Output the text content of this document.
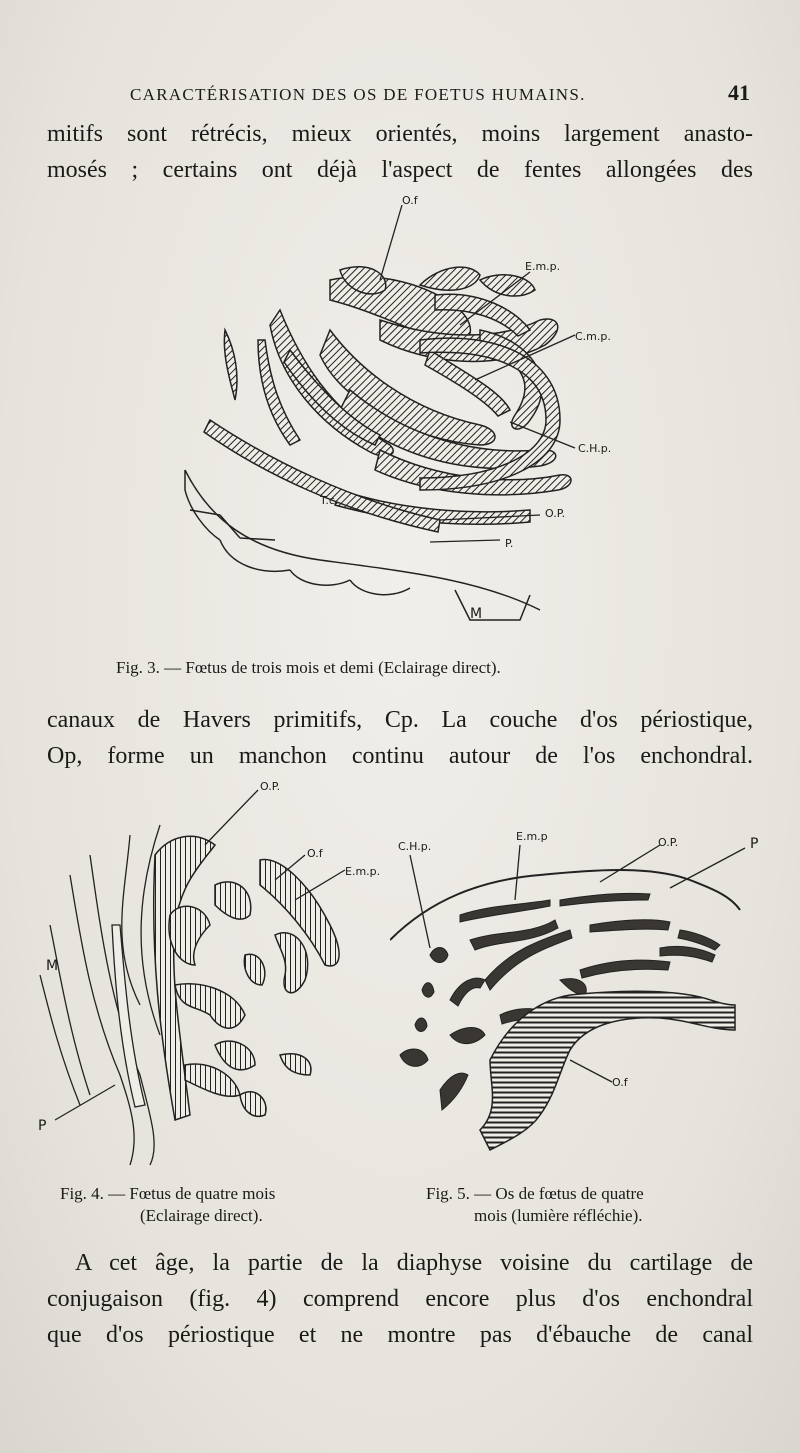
CARACTÉRISATION DES OS DE FOETUS HUMAINS.	41
mitifs sont rétrécis, mieux orientés, moins largement anasto-
mosés ; certains ont déjà l'aspect de fentes allongées des
O.f
E.m.p.
C.m.p.
C.H.p.
T.c.
O.P.
P.
M

Fig. 3. — Fœtus de trois mois et demi (Eclairage direct).

canaux de Havers primitifs, Cp. La couche d'os périostique,
Op, forme un manchon continu autour de l'os enchondral.
O.P.
O.f
E.m.p.
M
P
C.H.p.
E.m.p	O.P.	P
O.f
Fig. 4. — Fœtus de quatre mois
(Eclairage direct).
Fig. 5. — Os de fœtus de quatre
mois (lumière réfléchie).
A cet âge, la partie de la diaphyse voisine du cartilage de
conjugaison (fig. 4) comprend encore plus d'os enchondral
que d'os périostique et ne montre pas d'ébauche de canal
